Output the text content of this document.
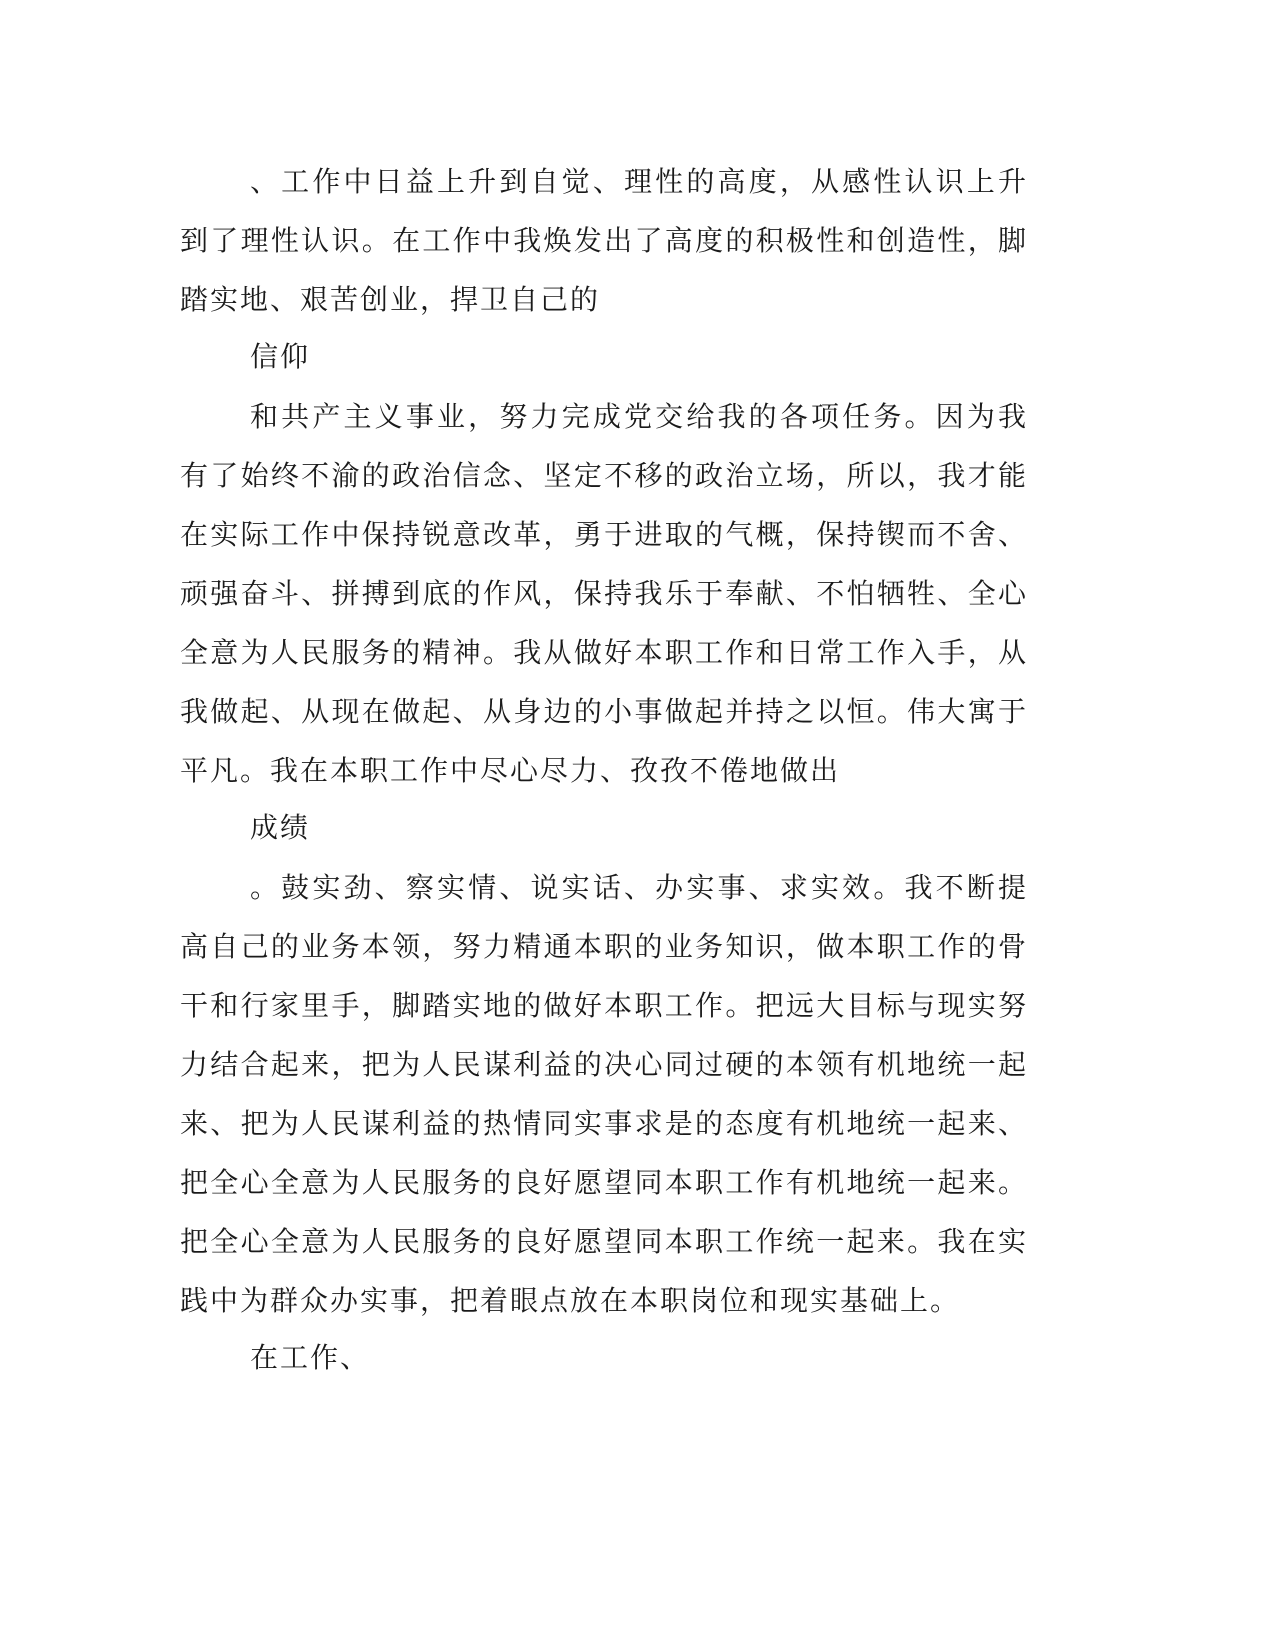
、工作中日益上升到自觉、理性的高度，从感性认识上升到了理性认识。在工作中我焕发出了高度的积极性和创造性，脚踏实地、艰苦创业，捍卫自己的

信仰

和共产主义事业，努力完成党交给我的各项任务。因为我有了始终不渝的政治信念、坚定不移的政治立场，所以，我才能在实际工作中保持锐意改革，勇于进取的气概，保持锲而不舍、顽强奋斗、拼搏到底的作风，保持我乐于奉献、不怕牺牲、全心全意为人民服务的精神。我从做好本职工作和日常工作入手，从我做起、从现在做起、从身边的小事做起并持之以恒。伟大寓于平凡。我在本职工作中尽心尽力、孜孜不倦地做出

成绩

。鼓实劲、察实情、说实话、办实事、求实效。我不断提高自己的业务本领，努力精通本职的业务知识，做本职工作的骨干和行家里手，脚踏实地的做好本职工作。把远大目标与现实努力结合起来，把为人民谋利益的决心同过硬的本领有机地统一起来、把为人民谋利益的热情同实事求是的态度有机地统一起来、把全心全意为人民服务的良好愿望同本职工作有机地统一起来。把全心全意为人民服务的良好愿望同本职工作统一起来。我在实践中为群众办实事，把着眼点放在本职岗位和现实基础上。

在工作、
